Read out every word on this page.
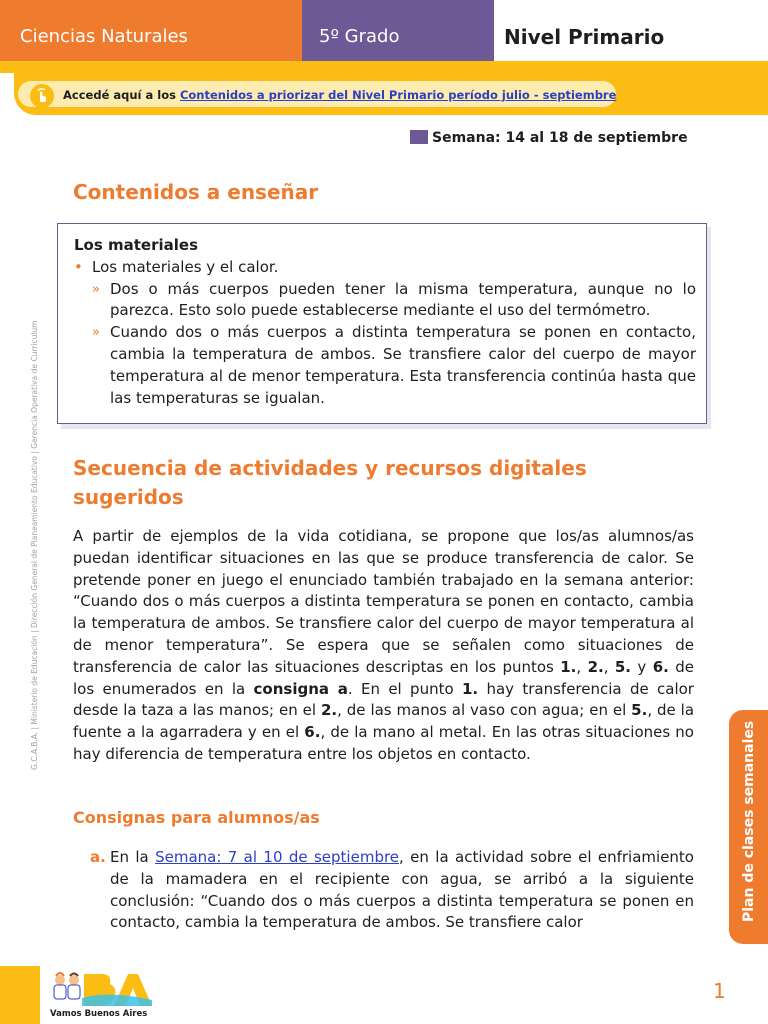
Ciencias Naturales	5º Grado	Nivel Primario
Accedé aquí a los Contenidos a priorizar del Nivel Primario período julio - septiembre
Semana: 14 al 18 de septiembre
Contenidos a enseñar
Los materiales
• Los materiales y el calor.
» Dos o más cuerpos pueden tener la misma temperatura, aunque no lo parezca. Esto solo puede establecerse mediante el uso del termómetro.
» Cuando dos o más cuerpos a distinta temperatura se ponen en contacto, cambia la temperatura de ambos. Se transfiere calor del cuerpo de mayor temperatura al de menor temperatura. Esta transferencia continúa hasta que las temperaturas se igualan.
Secuencia de actividades y recursos digitales sugeridos
A partir de ejemplos de la vida cotidiana, se propone que los/as alumnos/as puedan identificar situaciones en las que se produce transferencia de calor. Se pretende poner en juego el enunciado también trabajado en la semana anterior: “Cuando dos o más cuerpos a distinta temperatura se ponen en contacto, cambia la temperatura de ambos. Se transfiere calor del cuerpo de mayor temperatura al de menor temperatura”. Se espera que se señalen como situaciones de transferencia de calor las situaciones descriptas en los puntos 1., 2., 5. y 6. de los enumerados en la consigna a. En el punto 1. hay transferencia de calor desde la taza a las manos; en el 2., de las manos al vaso con agua; en el 5., de la fuente a la agarradera y en el 6., de la mano al metal. En las otras situaciones no hay diferencia de temperatura entre los objetos en contacto.
Consignas para alumnos/as
a. En la Semana: 7 al 10 de septiembre, en la actividad sobre el enfriamiento de la mamadera en el recipiente con agua, se arribó a la siguiente conclusión: “Cuando dos o más cuerpos a distinta temperatura se ponen en contacto, cambia la temperatura de ambos. Se transfiere calor
G.C.A.B.A. | Ministerio de Educación | Dirección General de Planeamiento Educativo | Gerencia Operativa de Currículum
Plan de clases semanales
Vamos Buenos Aires
1
